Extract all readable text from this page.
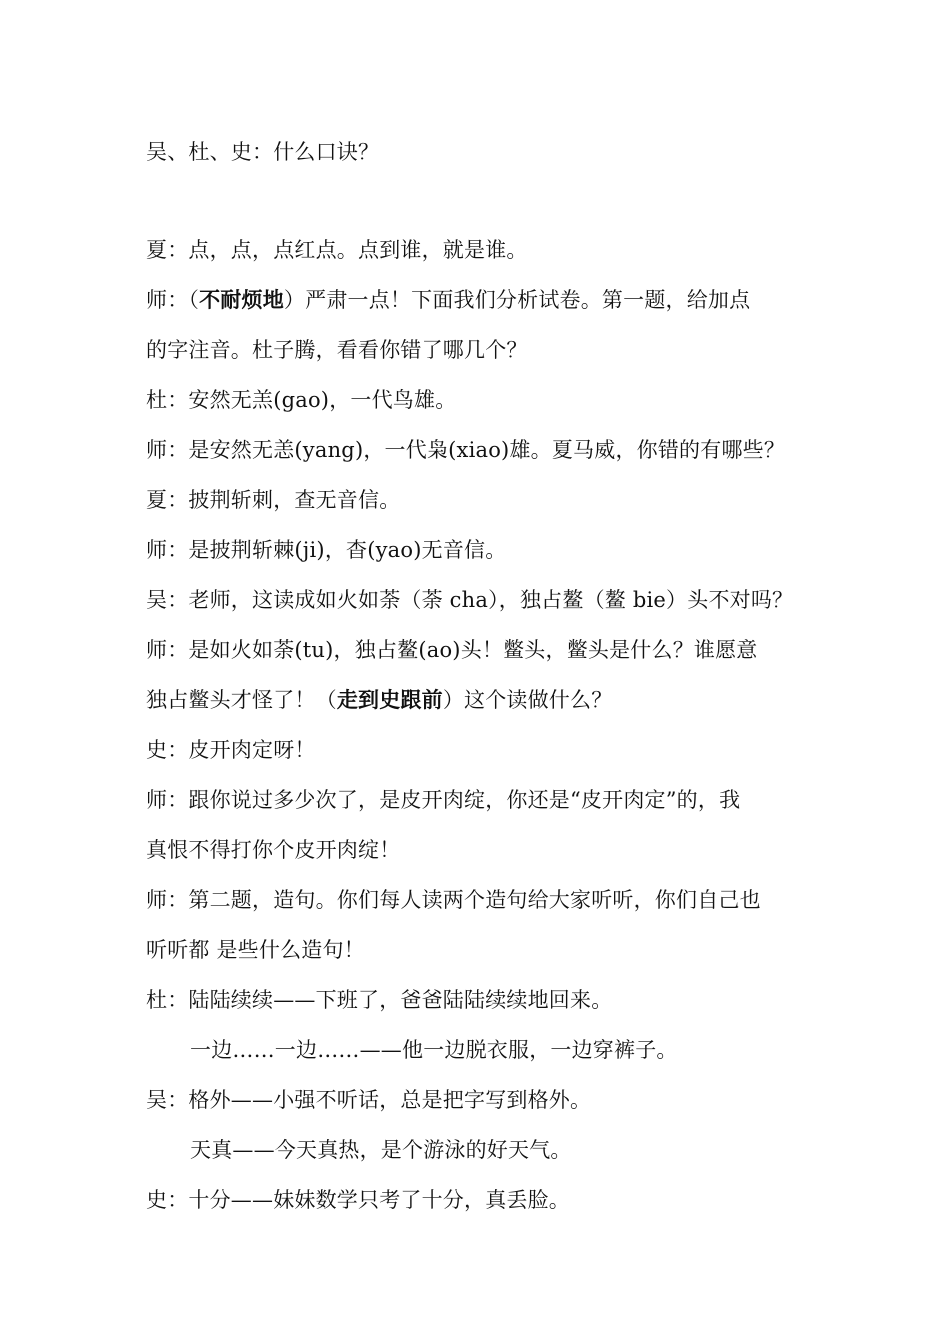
吴、杜、史：什么口诀？
夏：点，点，点红点。点到谁，就是谁。
师：（不耐烦地）严肃一点！下面我们分析试卷。第一题，给加点
的字注音。杜子腾，看看你错了哪几个？
杜：安然无羔(gao)，一代鸟雄。
师：是安然无恙(yang)，一代枭(xiao)雄。夏马威，你错的有哪些？
夏：披荆斩刺，查无音信。
师：是披荆斩棘(ji)，杳(yao)无音信。
吴：老师，这读成如火如荼（荼 cha），独占鳌（鳌 bie）头不对吗？
师：是如火如荼(tu)，独占鳌(ao)头！鳖头，鳖头是什么？谁愿意
独占鳖头才怪了！（走到史跟前）这个读做什么？
史：皮开肉定呀！
师：跟你说过多少次了，是皮开肉绽，你还是“皮开肉定”的，我
真恨不得打你个皮开肉绽！
师：第二题，造句。你们每人读两个造句给大家听听，你们自己也
听听都 是些什么造句！
杜：陆陆续续——下班了，爸爸陆陆续续地回来。
一边……一边……——他一边脱衣服，一边穿裤子。
吴：格外——小强不听话，总是把字写到格外。
天真——今天真热，是个游泳的好天气。
史：十分——妹妹数学只考了十分，真丢脸。
